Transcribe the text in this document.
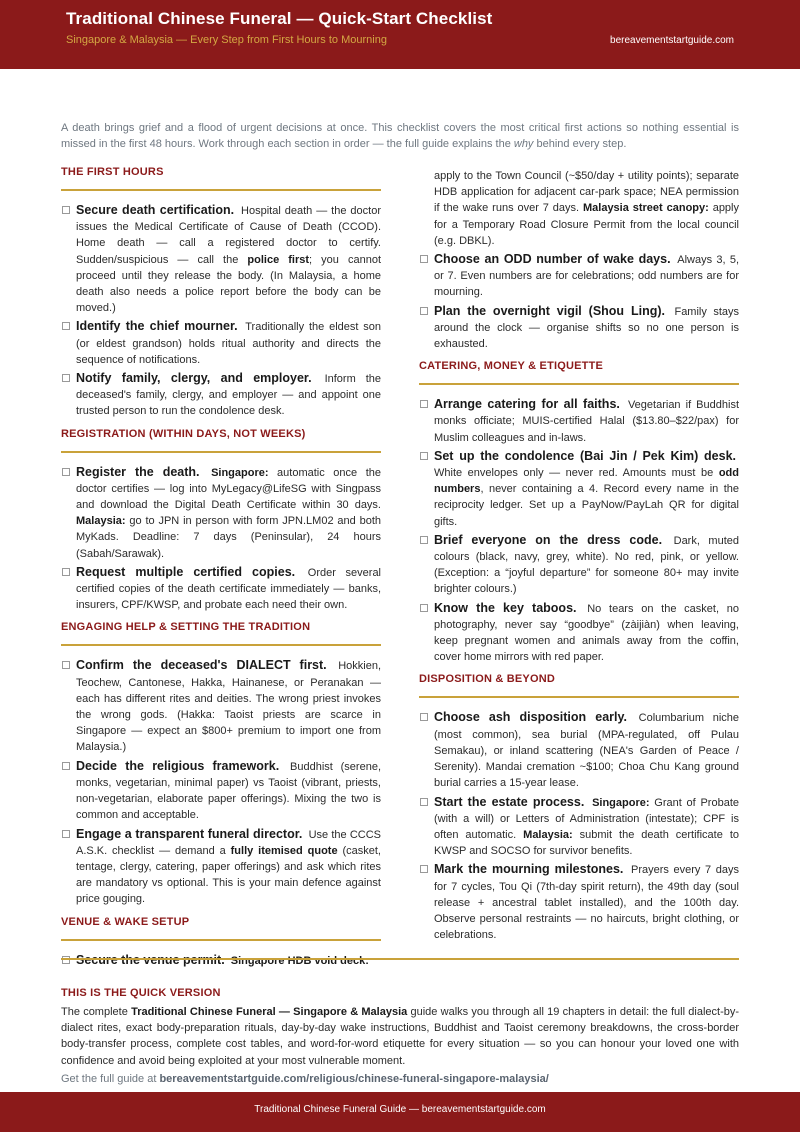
Traditional Chinese Funeral — Quick-Start Checklist
Singapore & Malaysia — Every Step from First Hours to Mourning	bereavementstartguide.com
A death brings grief and a flood of urgent decisions at once. This checklist covers the most critical first actions so nothing essential is missed in the first 48 hours. Work through each section in order — the full guide explains the why behind every step.
THE FIRST HOURS
Secure death certification. Hospital death — the doctor issues the Medical Certificate of Cause of Death (CCOD). Home death — call a registered doctor to certify. Sudden/suspicious — call the police first; you cannot proceed until they release the body. (In Malaysia, a home death also needs a police report before the body can be moved.)
Identify the chief mourner. Traditionally the eldest son (or eldest grandson) holds ritual authority and directs the sequence of notifications.
Notify family, clergy, and employer. Inform the deceased's family, clergy, and employer — and appoint one trusted person to run the condolence desk.
REGISTRATION (WITHIN DAYS, NOT WEEKS)
Register the death. Singapore: automatic once the doctor certifies — log into MyLegacy@LifeSG with Singpass and download the Digital Death Certificate within 30 days. Malaysia: go to JPN in person with form JPN.LM02 and both MyKads. Deadline: 7 days (Peninsular), 24 hours (Sabah/Sarawak).
Request multiple certified copies. Order several certified copies of the death certificate immediately — banks, insurers, CPF/KWSP, and probate each need their own.
ENGAGING HELP & SETTING THE TRADITION
Confirm the deceased's DIALECT first. Hokkien, Teochew, Cantonese, Hakka, Hainanese, or Peranakan — each has different rites and deities. The wrong priest invokes the wrong gods. (Hakka: Taoist priests are scarce in Singapore — expect an $800+ premium to import one from Malaysia.)
Decide the religious framework. Buddhist (serene, monks, vegetarian, minimal paper) vs Taoist (vibrant, priests, non-vegetarian, elaborate paper offerings). Mixing the two is common and acceptable.
Engage a transparent funeral director. Use the CCCS A.S.K. checklist — demand a fully itemised quote (casket, tentage, clergy, catering, paper offerings) and ask which rites are mandatory vs optional. This is your main defence against price gouging.
VENUE & WAKE SETUP
Secure the venue permit. Singapore HDB void deck:
apply to the Town Council (~$50/day + utility points); separate HDB application for adjacent car-park space; NEA permission if the wake runs over 7 days. Malaysia street canopy: apply for a Temporary Road Closure Permit from the local council (e.g. DBKL).
Choose an ODD number of wake days. Always 3, 5, or 7. Even numbers are for celebrations; odd numbers are for mourning.
Plan the overnight vigil (Shou Ling). Family stays around the clock — organise shifts so no one person is exhausted.
CATERING, MONEY & ETIQUETTE
Arrange catering for all faiths. Vegetarian if Buddhist monks officiate; MUIS-certified Halal ($13.80–$22/pax) for Muslim colleagues and in-laws.
Set up the condolence (Bai Jin / Pek Kim) desk. White envelopes only — never red. Amounts must be odd numbers, never containing a 4. Record every name in the reciprocity ledger. Set up a PayNow/PayLah QR for digital gifts.
Brief everyone on the dress code. Dark, muted colours (black, navy, grey, white). No red, pink, or yellow. (Exception: a “joyful departure” for someone 80+ may invite brighter colours.)
Know the key taboos. No tears on the casket, no photography, never say “goodbye” (zàijiàn) when leaving, keep pregnant women and animals away from the coffin, cover home mirrors with red paper.
DISPOSITION & BEYOND
Choose ash disposition early. Columbarium niche (most common), sea burial (MPA-regulated, off Pulau Semakau), or inland scattering (NEA's Garden of Peace / Serenity). Mandai cremation ~$100; Choa Chu Kang ground burial carries a 15-year lease.
Start the estate process. Singapore: Grant of Probate (with a will) or Letters of Administration (intestate); CPF is often automatic. Malaysia: submit the death certificate to KWSP and SOCSO for survivor benefits.
Mark the mourning milestones. Prayers every 7 days for 7 cycles, Tou Qi (7th-day spirit return), the 49th day (soul release + ancestral tablet installed), and the 100th day. Observe personal restraints — no haircuts, bright clothing, or celebrations.
THIS IS THE QUICK VERSION
The complete Traditional Chinese Funeral — Singapore & Malaysia guide walks you through all 19 chapters in detail: the full dialect-by-dialect rites, exact body-preparation rituals, day-by-day wake instructions, Buddhist and Taoist ceremony breakdowns, the cross-border body-transfer process, complete cost tables, and word-for-word etiquette for every situation — so you can honour your loved one with confidence and avoid being exploited at your most vulnerable moment.
Get the full guide at bereavementstartguide.com/religious/chinese-funeral-singapore-malaysia/
Traditional Chinese Funeral Guide — bereavementstartguide.com
